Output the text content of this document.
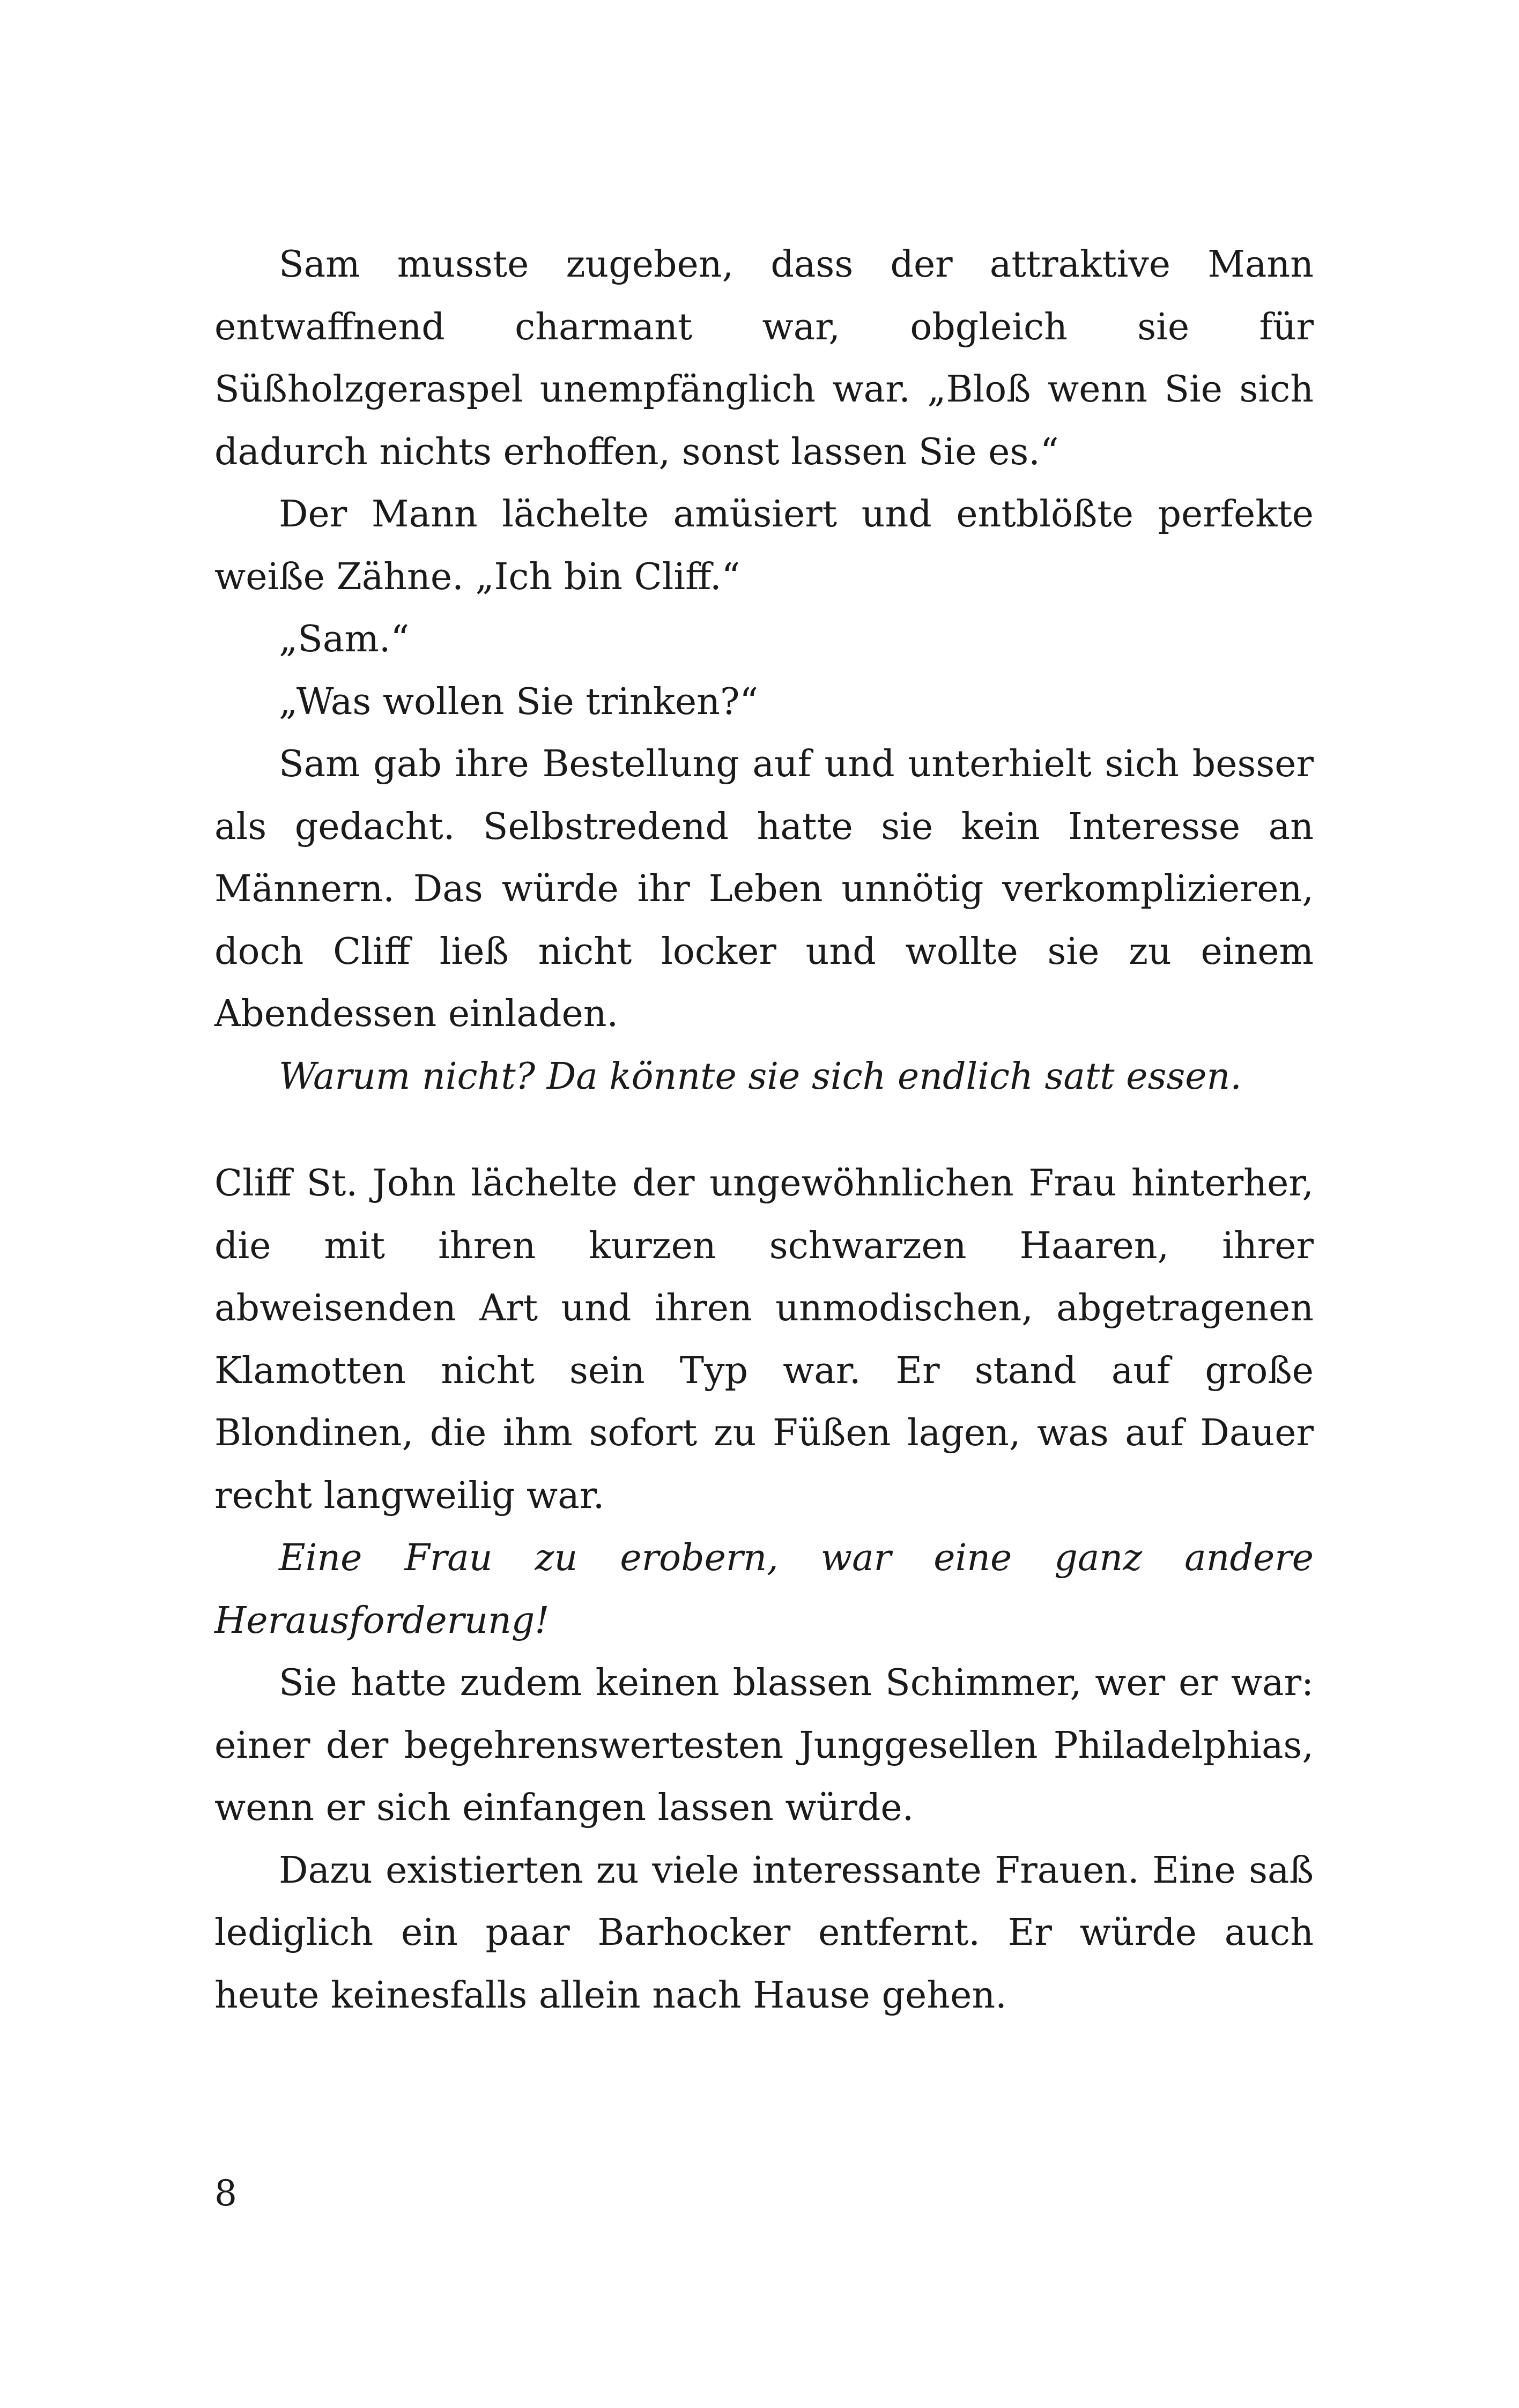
Sam musste zugeben, dass der attraktive Mann entwaffnend charmant war, obgleich sie für Süßholzgeraspel unempfänglich war. „Bloß wenn Sie sich dadurch nichts erhoffen, sonst lassen Sie es.“

Der Mann lächelte amüsiert und entblößte perfekte weiße Zähne. „Ich bin Cliff.“

„Sam.“

„Was wollen Sie trinken?“

Sam gab ihre Bestellung auf und unterhielt sich besser als gedacht. Selbstredend hatte sie kein Interesse an Männern. Das würde ihr Leben unnötig verkomplizieren, doch Cliff ließ nicht locker und wollte sie zu einem Abendessen einladen.

Warum nicht? Da könnte sie sich endlich satt essen.

Cliff St. John lächelte der ungewöhnlichen Frau hinterher, die mit ihren kurzen schwarzen Haaren, ihrer abweisenden Art und ihren unmodischen, abgetragenen Klamotten nicht sein Typ war. Er stand auf große Blondinen, die ihm sofort zu Füßen lagen, was auf Dauer recht langweilig war.

Eine Frau zu erobern, war eine ganz andere Herausforderung!

Sie hatte zudem keinen blassen Schimmer, wer er war: einer der begehrenswertesten Junggesellen Philadelphias, wenn er sich einfangen lassen würde.

Dazu existierten zu viele interessante Frauen. Eine saß lediglich ein paar Barhocker entfernt. Er würde auch heute keinesfalls allein nach Hause gehen.

8
